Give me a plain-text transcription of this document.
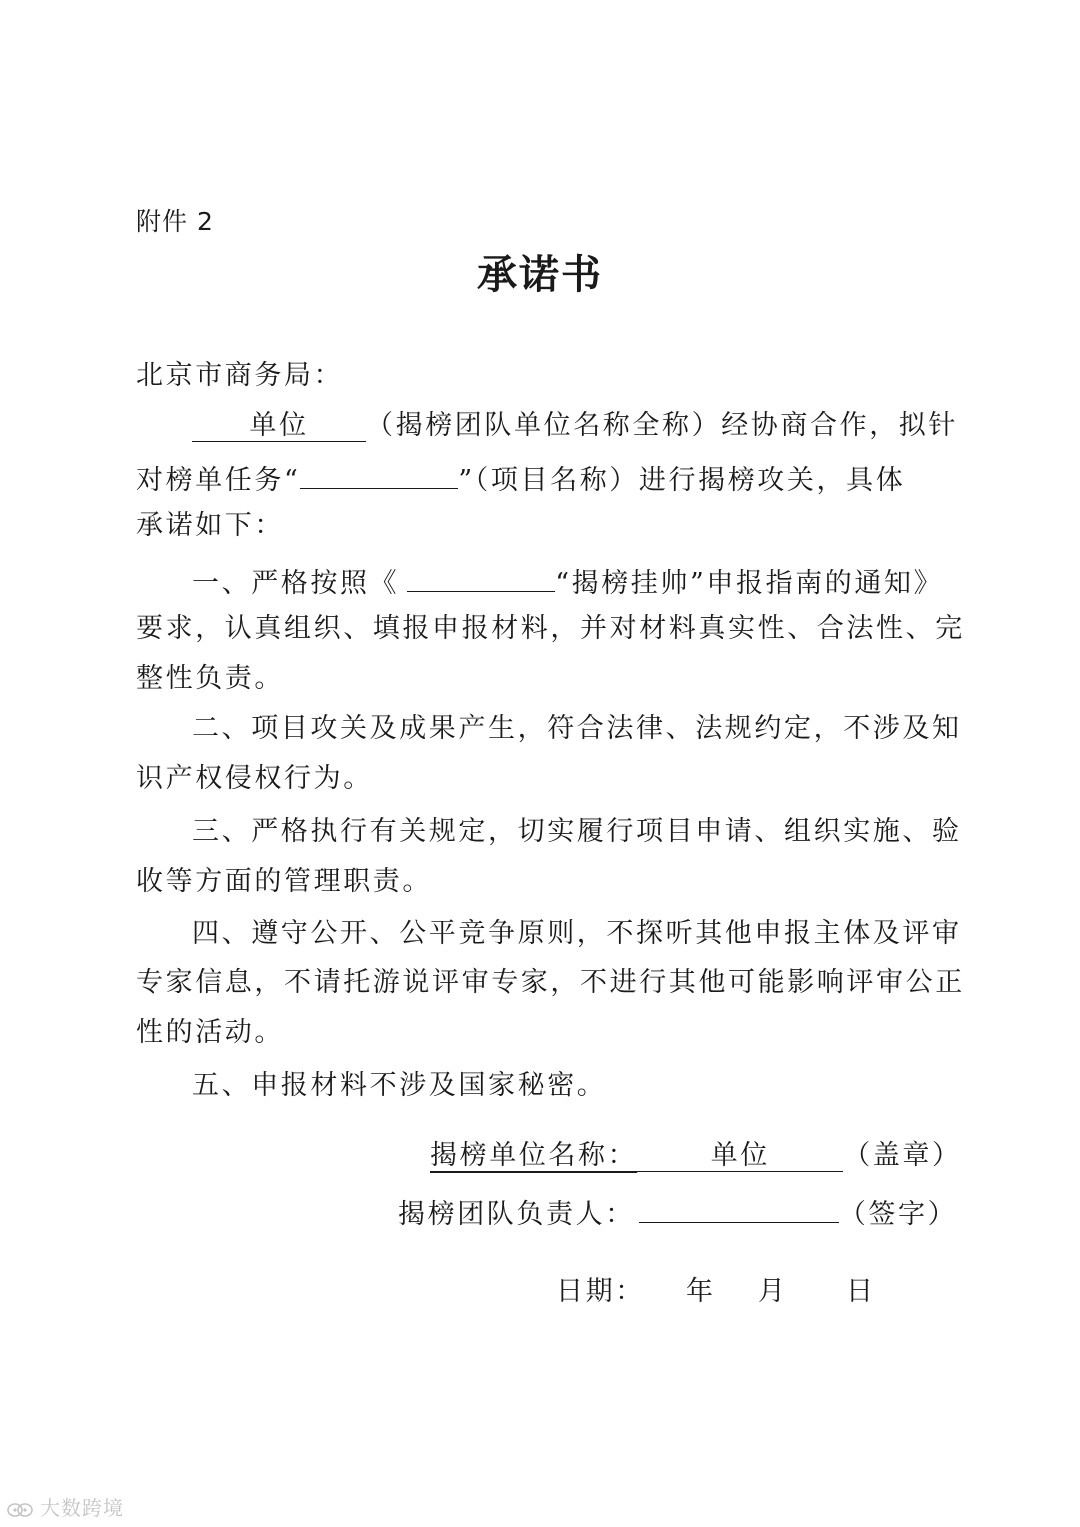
附件 2
承诺书
北京市商务局：
单位 （揭榜团队单位名称全称）经协商合作，拟针
对榜单任务“	”（项目名称）进行揭榜攻关，具体
承诺如下：
一、严格按照《	“揭榜挂帅”申报指南的通知》
要求，认真组织、填报申报材料，并对材料真实性、合法性、完
整性负责。
二、项目攻关及成果产生，符合法律、法规约定，不涉及知
识产权侵权行为。
三、严格执行有关规定，切实履行项目申请、组织实施、验
收等方面的管理职责。
四、遵守公开、公平竞争原则，不探听其他申报主体及评审
专家信息，不请托游说评审专家，不进行其他可能影响评审公正
性的活动。
五、申报材料不涉及国家秘密。
揭榜单位名称：	单位	（盖章）
揭榜团队负责人：	（签字）
日期： 年 月 日
大数跨境
